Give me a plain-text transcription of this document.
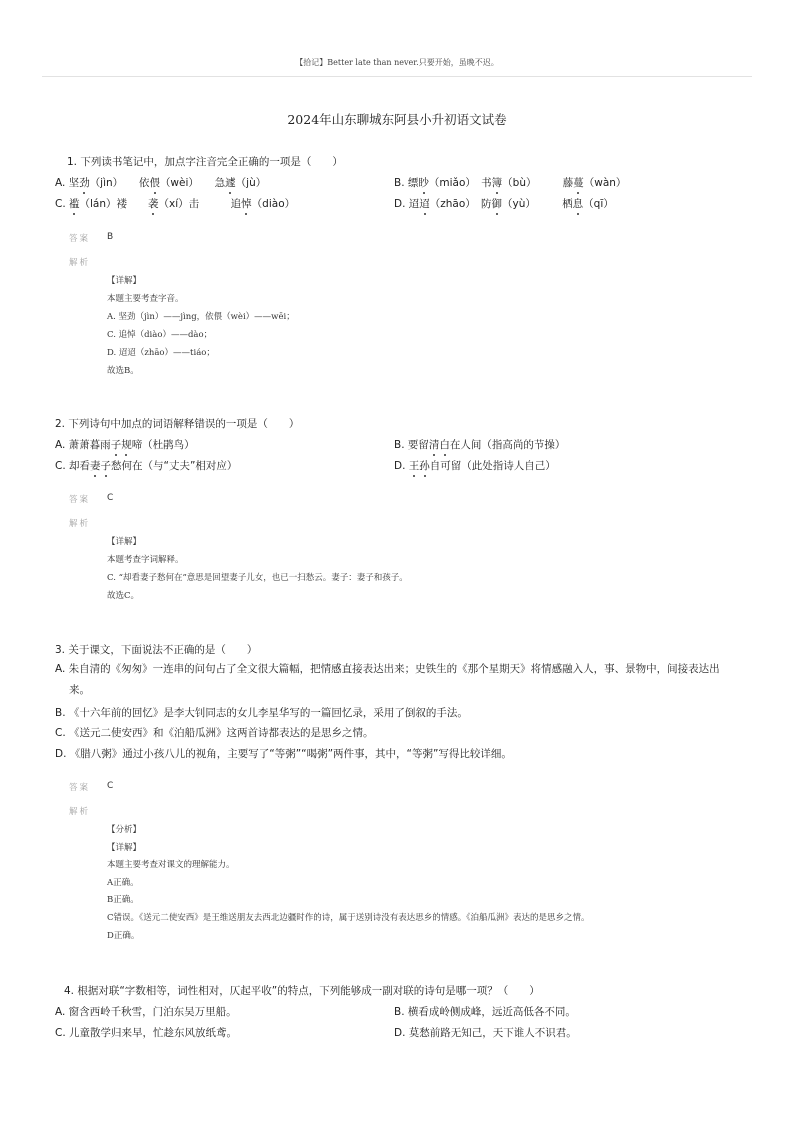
【拾记】Better late than never.只要开始，虽晚不迟。
2024年山东聊城东阿县小升初语文试卷
1. 下列读书笔记中，加点字注音完全正确的一项是（　　）
A. 坚劲（jìn）　　依偎（wèi）　　急遽（jù）	B. 缥眇（miǎo）　书簿（bù）　　　藤蔓（wàn）
C. 褴（lán）褛　　袭（xí）击　　　追悼（diào）	D. 迢迢（zhāo）　防御（yù）　　　栖息（qī）
答案 B
解析
【详解】
本题主要考查字音。
A. 坚劲（jìn）——jìng，依偎（wèi）——wēi；
C. 追悼（diào）——dào；
D. 迢迢（zhāo）——tiáo；
故选B。
2. 下列诗句中加点的词语解释错误的一项是（　　）
A. 萧萧暮雨子规啼（杜鹃鸟）	B. 要留清白在人间（指高尚的节操）
C. 却看妻子愁何在（与“丈夫”相对应）	D. 王孙自可留（此处指诗人自己）
答案 C
解析
【详解】
本题考查字词解释。
C. “却看妻子愁何在”意思是回望妻子儿女，也已一扫愁云。妻子：妻子和孩子。
故选C。
3. 关于课文，下面说法不正确的是（　　）
A. 朱自清的《匆匆》一连串的问句占了全文很大篇幅，把情感直接表达出来；史铁生的《那个星期天》将情感融入人，事、景物中，间接表达出来。
B. 《十六年前的回忆》是李大钊同志的女儿李星华写的一篇回忆录，采用了倒叙的手法。
C. 《送元二使安西》和《泊船瓜洲》这两首诗都表达的是思乡之情。
D. 《腊八粥》通过小孩八儿的视角，主要写了“等粥”“喝粥”两件事，其中，“等粥”写得比较详细。
答案 C
解析
【分析】
【详解】
本题主要考查对课文的理解能力。
A正确。
B正确。
C错误。《送元二使安西》是王维送朋友去西北边疆时作的诗，属于送别诗没有表达思乡的情感。《泊船瓜洲》表达的是思乡之情。
D正确。
4. 根据对联“字数相等，词性相对，仄起平收”的特点，下列能够成一副对联的诗句是哪一项？（　　）
A. 窗含西岭千秋雪，门泊东吴万里船。	B. 横看成岭侧成峰，远近高低各不同。
C. 儿童散学归来早，忙趁东风放纸鸢。	D. 莫愁前路无知己，天下谁人不识君。
